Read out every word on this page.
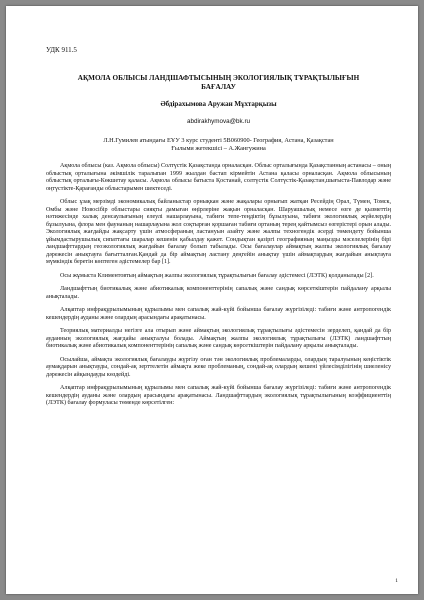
УДК 911.5
АҚМОЛА ОБЛЫСЫ ЛАНДШАФТЫСЫНЫҢ ЭКОЛОГИЯЛЫҚ ТҰРАҚТЫЛЫҒЫН БАҒАЛАУ
Әбдірахымова Аружан Мұхтарқызы
abdirakhymova@bk.ru
Л.Н.Гумилев атындағы ЕҰУ 3 курс студенті 5В060900- География, Астана, Қазақстан
Ғылыми жетекшісі – А.Жангужина

Ақмола облысы (каз. Ақмола облысы) Солтүстік Қазақстанда орналасқан. Облыс орталығында Қазақстанның астанасы – оның облыстық орталығына әкімшілік таралыпан 1999 жылдан бастап кірмейтін Астана қаласы орналасқан. Ақмола облысының облыстық орталығы-Көкшетау қаласы. Ақмола облысы батыста Қостанай, солтүстік Солтүстік-Қазақстан,шығыста-Павлодар және оңтүстікте-Қарағанды облыстарымен шектеседі.

Облыс ұзақ мерзімді экономикалық байланыстар орнықкан және жақалары орнығып жатқан Ресейдің Орал, Түмен, Томск, Омбы және Новосібір облыстары сияқты дамыған өңірлеріне жақын орналасқан. Шаруашылық немесе өзге де қызметтің нәтижесінде халық денсаулығының елеулі нашарлауына, табиғи тепе-теңдіктің бұзылуына, табиғи экологиялық жүйелердің бұзылуына, флора мен фаунаның нашарлауына жол соқтырған қоршаған табиғи ортаның терең қайтымсыз өзгерістері орын алады. Экологиялық жағдайды жақсарту үшін атмосфераның ластануын азайту және жалпы техногендік әсерді төмендету бойынша ұйымдастырушылық сипаттағы шаралар кешенін қабылдау қажет. Сондықтан қазіргі географияның маңызды мәселелерінің бірі ландшафттардың геоэкологиялық жағдайын бағалау болып табылады. Осы бағалаулар аймақтың жалпы экологиялық бағалау дәрежесін анықтауға бағытталған.Қандай да бір аймақтың ластану деңгейін анықтау үшін аймақтардың жағдайын анықтауға мүмкіндік беретін көптеген әдістемелер бар [1].

Осы жұмыста Климентовтың аймақтың жалпы экологиялық тұрақтылығын бағалау әдістемесі (ЛЭТК) қолданылады [2].

Ландшафттың биотикалық және абиотикалық компоненттерінің сапалық және сандық көрсеткіштерін пайдалану арқылы анықталады.

Алқаптар инфрақұрылымының құрылымы мен сапалық жай-күйі бойынша бағалау жүргізіледі: табиғи және антропогендік кешендердің ауданы және олардың арасындағы арақатынасы.

Теориялық материалды негізге ала отырып және аймақтың экологиялық тұрақтылығы әдістемесін зерделеп, қандай да бір ауданның экологиялық жағдайы анықталуы болады. Аймақтың жалпы экологиялық тұрақтылығы (ЛЭТК) ландшафттың биотикалық және абиотикалық компоненттерінің сапалық және сандық көрсеткіштерін пайдалану арқылы анықталады.

Осылайша, аймақта экологиялық бағалауды жүргізу оған тән экологиялық проблемаларды, олардың таралуының кеңістіктік аумақдарын анықтауды, сондай-ақ зерттелетін аймақта жеке проблеманың, сондай-ақ олардың кешені үйлесімділігінің шиеленісу дәрежесін айқындауды көздейді.

Алқаптар инфрақұрылымының құрылымы мен сапалық жай-күйі бойынша бағалау жүргізіледі: табиғи және антропогендік кешендердің ауданы және олардың арасындағы арақатынасы. Ландшафттардың экологиялық тұрақтылығының коэффициенттің (ЛЭТК) бағалау формуласы төменде көрсетілген:

1
